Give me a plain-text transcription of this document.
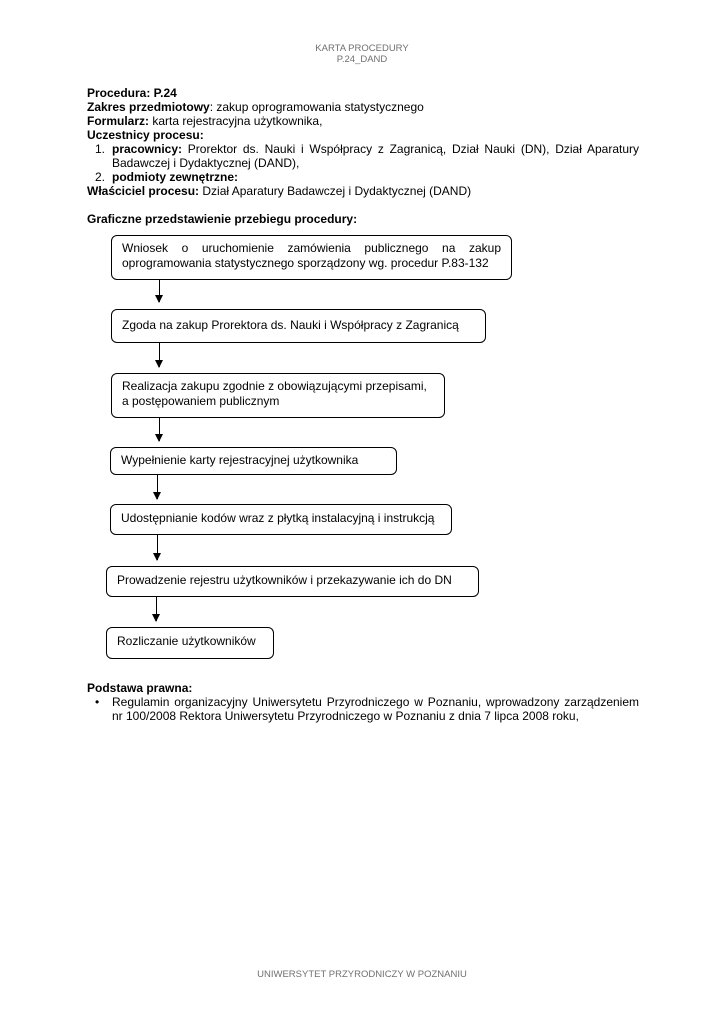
KARTA PROCEDURY
P.24_DAND
Procedura: P.24
Zakres przedmiotowy: zakup oprogramowania statystycznego
Formularz: karta rejestracyjna użytkownika,
Uczestnicy procesu:
1. pracownicy: Prorektor ds. Nauki i Współpracy z Zagranicą, Dział Nauki (DN), Dział Aparatury Badawczej i Dydaktycznej (DAND),
2. podmioty zewnętrzne:
Właściciel procesu: Dział Aparatury Badawczej i Dydaktycznej (DAND)
Graficzne przedstawienie przebiegu procedury:
Wniosek o uruchomienie zamówienia publicznego na zakup oprogramowania statystycznego sporządzony wg. procedur P.83-132
Zgoda na zakup Prorektora ds. Nauki i Współpracy z Zagranicą
Realizacja zakupu zgodnie z obowiązującymi przepisami, a postępowaniem publicznym
Wypełnienie karty rejestracyjnej użytkownika
Udostępnianie kodów wraz z płytką instalacyjną i instrukcją
Prowadzenie rejestru użytkowników i przekazywanie ich do DN
Rozliczanie użytkowników
Podstawa prawna:
• Regulamin organizacyjny Uniwersytetu Przyrodniczego w Poznaniu, wprowadzony zarządzeniem nr 100/2008 Rektora Uniwersytetu Przyrodniczego w Poznaniu z dnia 7 lipca 2008 roku,
UNIWERSYTET PRZYRODNICZY W POZNANIU
